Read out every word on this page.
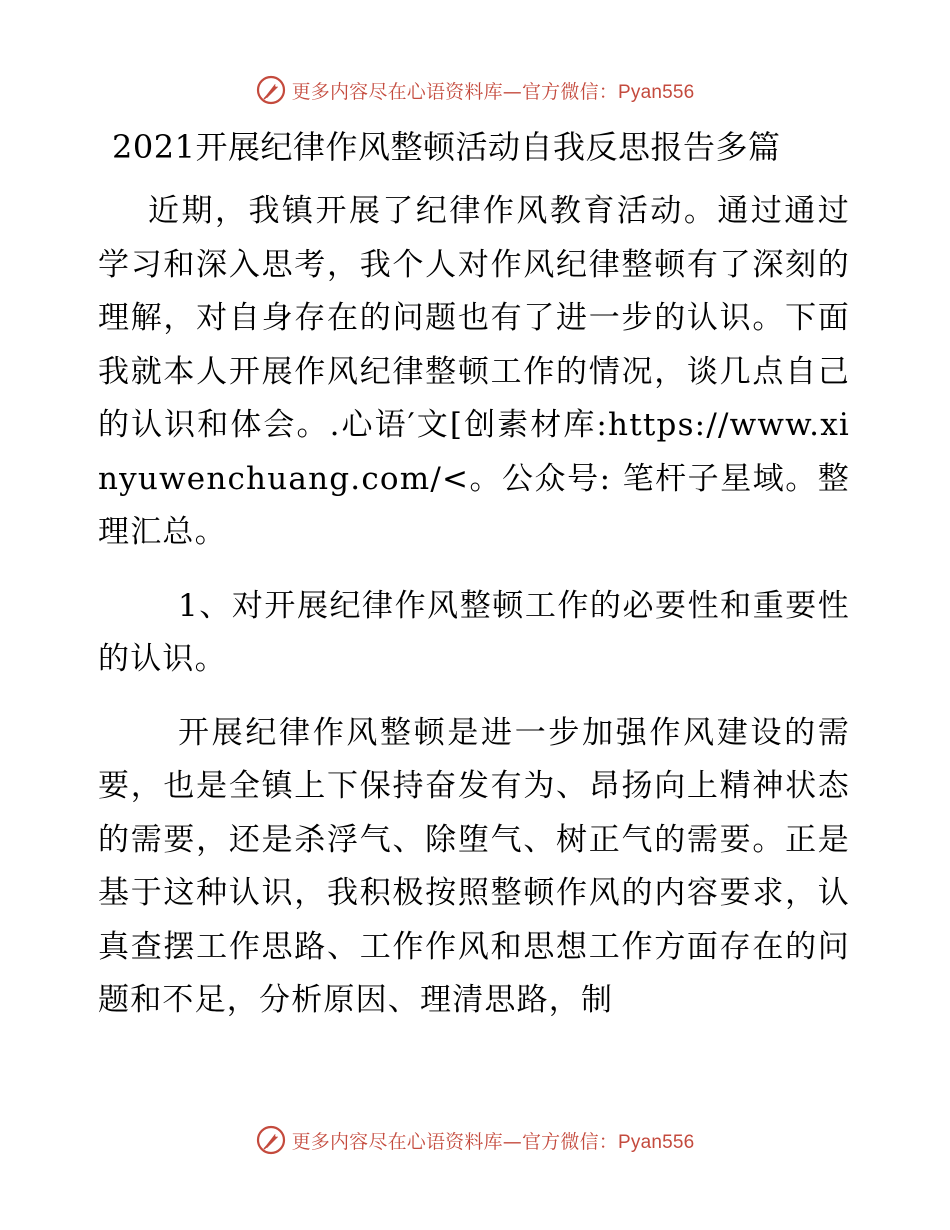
更多内容尽在心语资料库—官方微信：Pyan556
2021开展纪律作风整顿活动自我反思报告多篇

近期，我镇开展了纪律作风教育活动。通过通过学习和深入思考，我个人对作风纪律整顿有了深刻的理解，对自身存在的问题也有了进一步的认识。下面我就本人开展作风纪律整顿工作的情况，谈几点自己的认识和体会。.心语′文[创素材库:https://www.xinyuwenchuang.com/<。公众号: 笔杆子星域。整理汇总。

1、对开展纪律作风整顿工作的必要性和重要性的认识。

开展纪律作风整顿是进一步加强作风建设的需要，也是全镇上下保持奋发有为、昂扬向上精神状态的需要，还是杀浮气、除堕气、树正气的需要。正是基于这种认识，我积极按照整顿作风的内容要求，认真查摆工作思路、工作作风和思想工作方面存在的问题和不足，分析原因、理清思路，制

更多内容尽在心语资料库—官方微信：Pyan556
